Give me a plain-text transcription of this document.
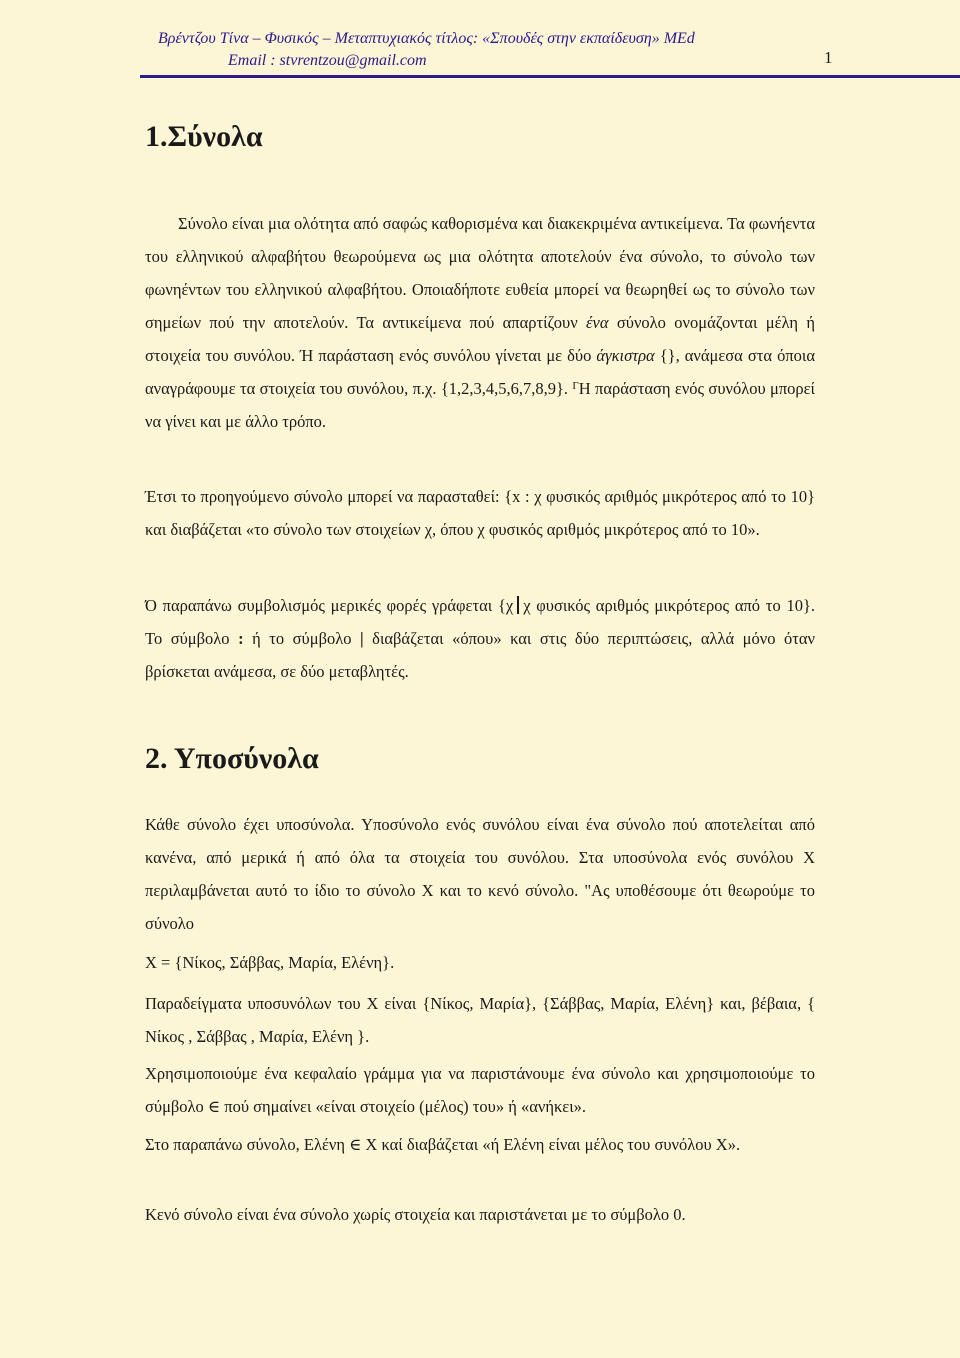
Βρέντζου Τίνα – Φυσικός – Μεταπτυχιακός τίτλος: «Σπουδές στην εκπαίδευση» ΜΕd
Email : stvrentzou@gmail.com	1
1.Σύνολα

Σύνολο είναι μια ολότητα από σαφώς καθορισμένα και διακεκριμένα αντικείμενα. Τα φωνήεντα του ελληνικού αλφαβήτου θεωρούμενα ως μια ολότητα αποτελούν ένα σύνολο, το σύνολο των φωνηέντων του ελληνικού αλφαβήτου. Οποιαδήποτε ευθεία μπορεί να θεωρηθεί ως το σύνολο των σημείων πού την αποτελούν. Τα αντικείμενα πού απαρτίζουν ένα σύνολο ονομάζονται μέλη ή στοιχεία του συνόλου. Ή παράσταση ενός συνόλου γίνεται με δύο άγκιστρα {}, ανάμεσα στα όποια αναγράφουμε τα στοιχεία του συνόλου, π.χ. {1,2,3,4,5,6,7,8,9}. $^\Gamma$Η παράσταση ενός συνόλου μπορεί να γίνει και με άλλο τρόπο.

Έτσι το προηγούμενο σύνολο μπορεί να παρασταθεί: {x : χ φυσικός αριθμός μικρότερος από το 10} και διαβάζεται «το σύνολο των στοιχείων χ, όπου χ φυσικός αριθμός μικρότερος από το 10».

Ό παραπάνω συμβολισμός μερικές φορές γράφεται {χ χ φυσικός αριθμός μικρότερος από το 10}. Το σύμβολο : ή το σύμβολο | διαβάζεται «όπου» και στις δύο περιπτώσεις, αλλά μόνο όταν βρίσκεται ανάμεσα, σε δύο μεταβλητές.

2. Υποσύνολα

Κάθε σύνολο έχει υποσύνολα. Υποσύνολο ενός συνόλου είναι ένα σύνολο πού αποτελείται από κανένα, από μερικά ή από όλα τα στοιχεία του συνόλου. Στα υποσύνολα ενός συνόλου Χ περιλαμβάνεται αυτό το ίδιο το σύνολο Χ και το κενό σύνολο. "Ας υποθέσουμε ότι θεωρούμε το σύνολο

Χ = {Νίκος, Σάββας, Μαρία, Ελένη}.

Παραδείγματα υποσυνόλων του Χ είναι {Νίκος, Μαρία}, {Σάββας, Μαρία, Ελένη} και, βέβαια, { Νίκος , Σάββας , Μαρία, Ελένη }.

Χρησιμοποιούμε ένα κεφαλαίο γράμμα για να παριστάνουμε ένα σύνολο και χρησιμοποιούμε το σύμβολο ∈ πού σημαίνει «είναι στοιχείο (μέλος) του» ή «ανήκει».

Στο παραπάνω σύνολο, Ελένη ∈ Χ καί διαβάζεται «ή Ελένη είναι μέλος του συνόλου Χ».

Κενό σύνολο είναι ένα σύνολο χωρίς στοιχεία και παριστάνεται με το σύμβολο 0.
